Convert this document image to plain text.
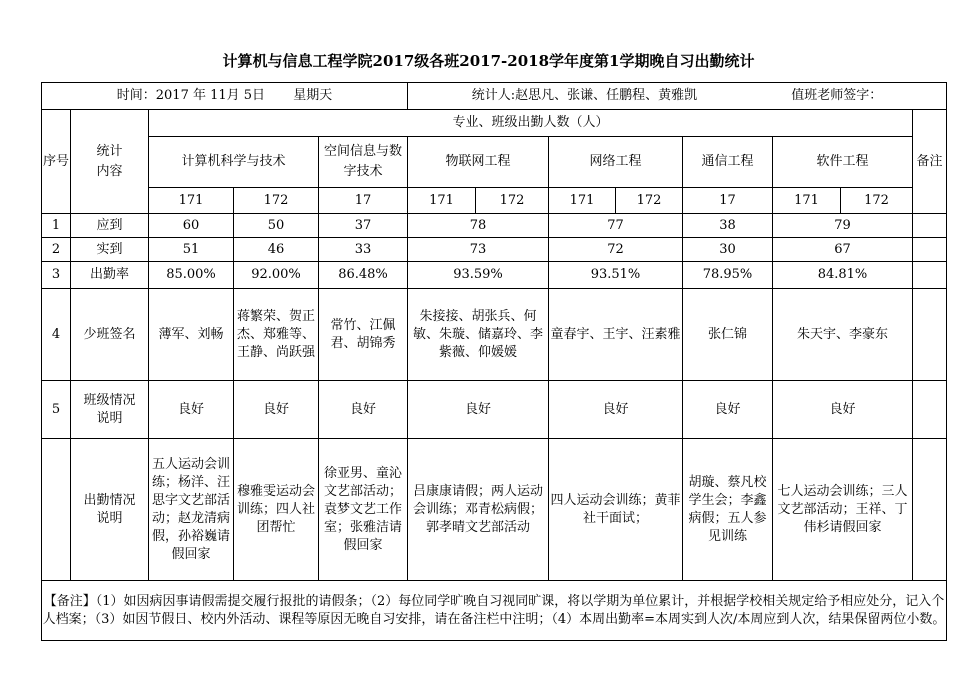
计算机与信息工程学院2017级各班2017-2018学年度第1学期晚自习出勤统计
时间：2017 年 11月 5日 星期天					统计人:赵思凡、张谦、任鹏程、黄雅凯 值班老师签字：							
序号	统计内容	专业、班级出勤人数（人）										备注
		计算机科学与技术		空间信息与数字技术	物联网工程		网络工程		通信工程	软件工程		
		171	172	17	171	172	171	172	17	171	172	
1	应到	60	50	37	78		77		38	79		
2	实到	51	46	33	73		72		30	67		
3	出勤率	85.00%	92.00%	86.48%	93.59%		93.51%		78.95%	84.81%		
4	少班签名	薄军、刘畅	蒋繁荣、贺正杰、郑雅等、王静、尚跃强	常竹、江佩君、胡锦秀	朱接接、胡张兵、何敏、朱璇、储嘉玲、李紫薇、仰媛媛		童春宇、王宇、汪素雅		张仁锦	朱天宇、李豪东		
5	班级情况说明	良好	良好	良好	良好		良好		良好	良好		

	出勤情况说明	五人运动会训练；杨洋、汪思字文艺部活动；赵龙清病假，孙裕巍请假回家	穆雅雯运动会训练；四人社团帮忙	徐亚男、童沁文艺部活动；袁梦文艺工作室；张雅洁请假回家	吕康康请假；两人运动会训练；邓青松病假；郭孝晴文艺部活动		四人运动会训练；黄菲社干面试；		胡璇、蔡凡校学生会；李鑫病假；五人参见训练	七人运动会训练；三人文艺部活动；王祥、丁伟杉请假回家		
【备注】（1）如因病因事请假需提交履行报批的请假条；（2）每位同学旷晚自习视同旷课，将以学期为单位累计，并根据学校相关规定给予相应处分，记入个人档案；（3）如因节假日、校内外活动、课程等原因无晚自习安排，请在备注栏中注明；（4）本周出勤率=本周实到人次/本周应到人次，结果保留两位小数。												
